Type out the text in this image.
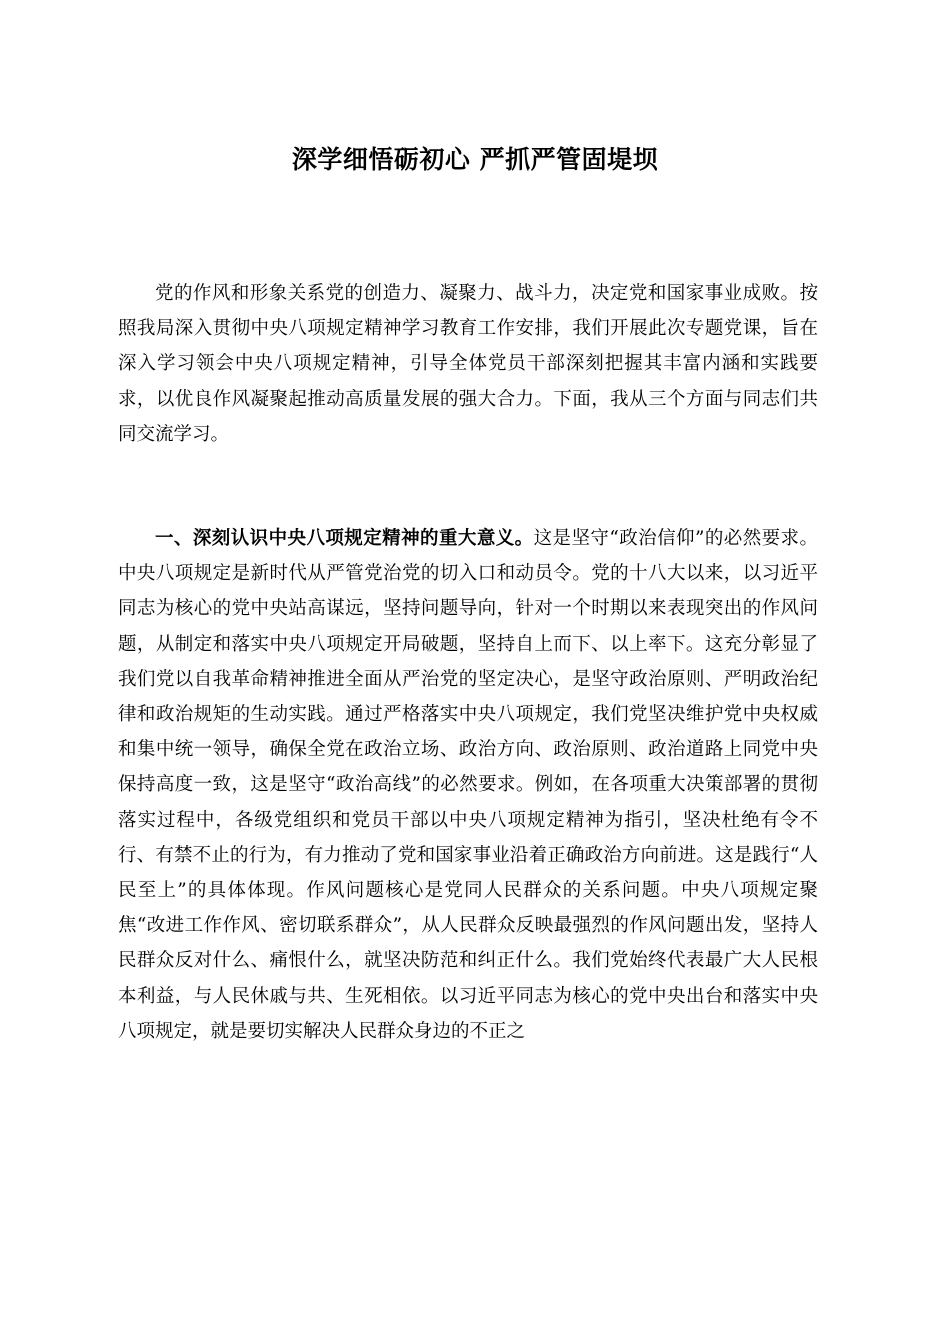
深学细悟砺初心 严抓严管固堤坝

党的作风和形象关系党的创造力、凝聚力、战斗力，决定党和国家事业成败。按照我局深入贯彻中央八项规定精神学习教育工作安排，我们开展此次专题党课，旨在深入学习领会中央八项规定精神，引导全体党员干部深刻把握其丰富内涵和实践要求，以优良作风凝聚起推动高质量发展的强大合力。下面，我从三个方面与同志们共同交流学习。

一、深刻认识中央八项规定精神的重大意义。这是坚守“政治信仰”的必然要求。中央八项规定是新时代从严管党治党的切入口和动员令。党的十八大以来，以习近平同志为核心的党中央站高谋远，坚持问题导向，针对一个时期以来表现突出的作风问题，从制定和落实中央八项规定开局破题，坚持自上而下、以上率下。这充分彰显了我们党以自我革命精神推进全面从严治党的坚定决心，是坚守政治原则、严明政治纪律和政治规矩的生动实践。通过严格落实中央八项规定，我们党坚决维护党中央权威和集中统一领导，确保全党在政治立场、政治方向、政治原则、政治道路上同党中央保持高度一致，这是坚守“政治高线”的必然要求。例如，在各项重大决策部署的贯彻落实过程中，各级党组织和党员干部以中央八项规定精神为指引，坚决杜绝有令不行、有禁不止的行为，有力推动了党和国家事业沿着正确政治方向前进。这是践行“人民至上”的具体体现。作风问题核心是党同人民群众的关系问题。中央八项规定聚焦“改进工作作风、密切联系群众”，从人民群众反映最强烈的作风问题出发，坚持人民群众反对什么、痛恨什么，就坚决防范和纠正什么。我们党始终代表最广大人民根本利益，与人民休戚与共、生死相依。以习近平同志为核心的党中央出台和落实中央八项规定，就是要切实解决人民群众身边的不正之
